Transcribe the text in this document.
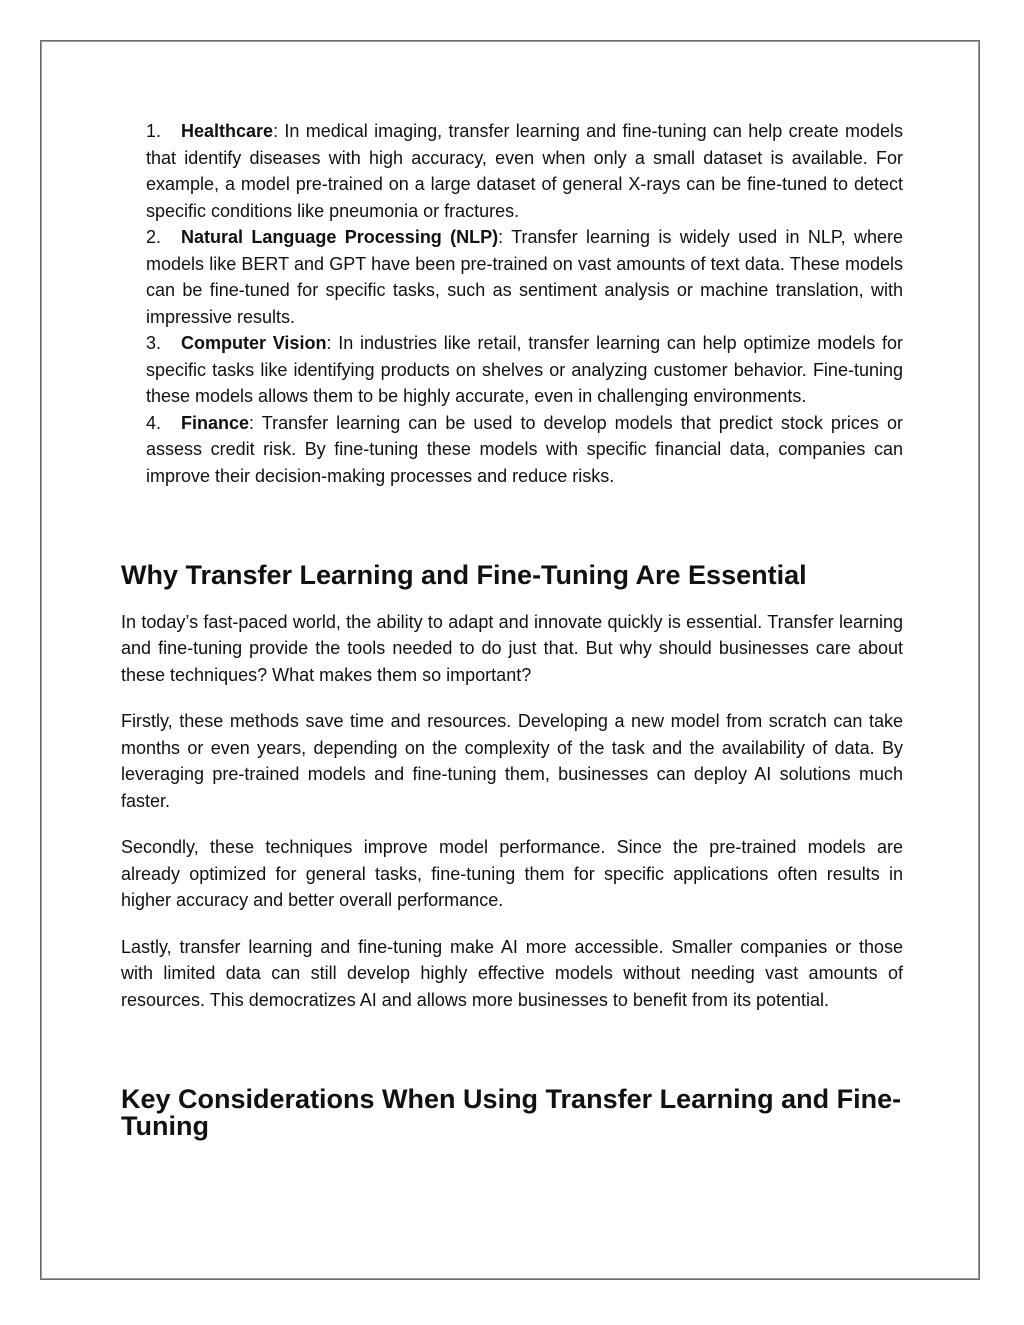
1. Healthcare: In medical imaging, transfer learning and fine-tuning can help create models that identify diseases with high accuracy, even when only a small dataset is available. For example, a model pre-trained on a large dataset of general X-rays can be fine-tuned to detect specific conditions like pneumonia or fractures.
2. Natural Language Processing (NLP): Transfer learning is widely used in NLP, where models like BERT and GPT have been pre-trained on vast amounts of text data. These models can be fine-tuned for specific tasks, such as sentiment analysis or machine translation, with impressive results.
3. Computer Vision: In industries like retail, transfer learning can help optimize models for specific tasks like identifying products on shelves or analyzing customer behavior. Fine-tuning these models allows them to be highly accurate, even in challenging environments.
4. Finance: Transfer learning can be used to develop models that predict stock prices or assess credit risk. By fine-tuning these models with specific financial data, companies can improve their decision-making processes and reduce risks.
Why Transfer Learning and Fine-Tuning Are Essential

In today’s fast-paced world, the ability to adapt and innovate quickly is essential. Transfer learning and fine-tuning provide the tools needed to do just that. But why should businesses care about these techniques? What makes them so important?

Firstly, these methods save time and resources. Developing a new model from scratch can take months or even years, depending on the complexity of the task and the availability of data. By leveraging pre-trained models and fine-tuning them, businesses can deploy AI solutions much faster.

Secondly, these techniques improve model performance. Since the pre-trained models are already optimized for general tasks, fine-tuning them for specific applications often results in higher accuracy and better overall performance.

Lastly, transfer learning and fine-tuning make AI more accessible. Smaller companies or those with limited data can still develop highly effective models without needing vast amounts of resources. This democratizes AI and allows more businesses to benefit from its potential.

Key Considerations When Using Transfer Learning and Fine-Tuning
